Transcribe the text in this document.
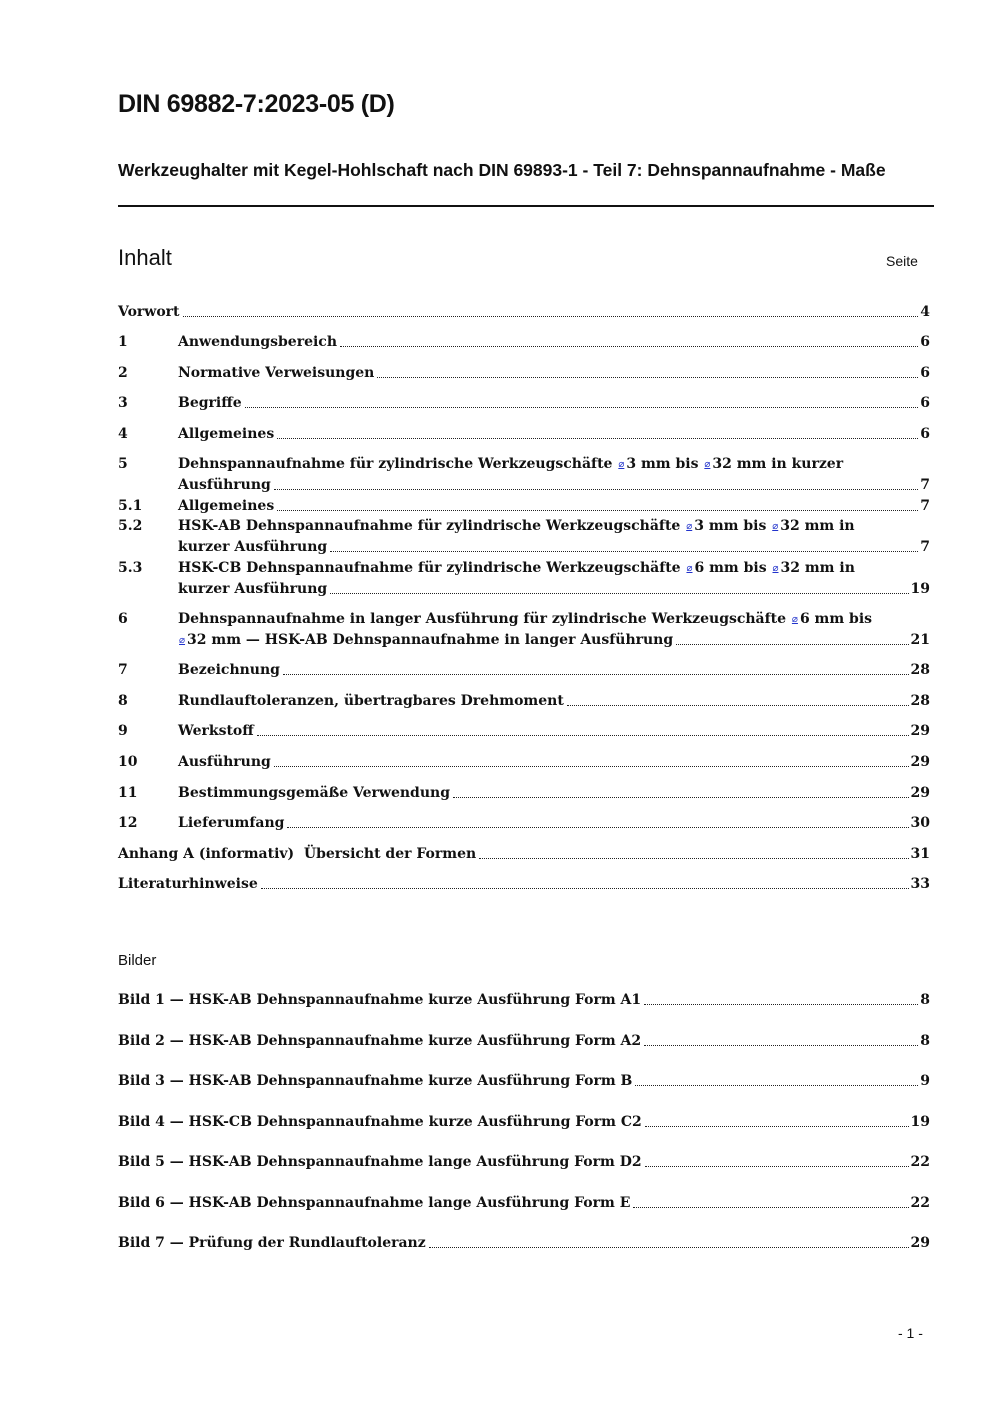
DIN 69882-7:2023-05 (D)
Werkzeughalter mit Kegel-Hohlschaft nach DIN 69893-1 - Teil 7: Dehnspannaufnahme - Maße
Inhalt	Seite
Vorwort	4
1	Anwendungsbereich	6
2	Normative Verweisungen	6
3	Begriffe	6
4	Allgemeines	6
5	Dehnspannaufnahme für zylindrische Werkzeugschäfte ⌀ 3 mm bis ⌀ 32 mm in kurzer
Ausführung	7
5.1	Allgemeines	7
5.2	HSK-AB Dehnspannaufnahme für zylindrische Werkzeugschäfte ⌀ 3 mm bis ⌀ 32 mm in
kurzer Ausführung	7
5.3	HSK-CB Dehnspannaufnahme für zylindrische Werkzeugschäfte ⌀ 6 mm bis ⌀ 32 mm in
kurzer Ausführung	19
6	Dehnspannaufnahme in langer Ausführung für zylindrische Werkzeugschäfte ⌀ 6 mm bis
⌀ 32 mm — HSK-AB Dehnspannaufnahme in langer Ausführung	21
7	Bezeichnung	28
8	Rundlauftoleranzen, übertragbares Drehmoment	28
9	Werkstoff	29
10	Ausführung	29
11	Bestimmungsgemäße Verwendung	29
12	Lieferumfang	30
Anhang A (informativ)  Übersicht der Formen	31
Literaturhinweise	33
Bilder
Bild 1 — HSK-AB Dehnspannaufnahme kurze Ausführung Form A1	8
Bild 2 — HSK-AB Dehnspannaufnahme kurze Ausführung Form A2	8
Bild 3 — HSK-AB Dehnspannaufnahme kurze Ausführung Form B	9
Bild 4 — HSK-CB Dehnspannaufnahme kurze Ausführung Form C2	19
Bild 5 — HSK-AB Dehnspannaufnahme lange Ausführung Form D2	22
Bild 6 — HSK-AB Dehnspannaufnahme lange Ausführung Form E	22
Bild 7 — Prüfung der Rundlauftoleranz	29
- 1 -
